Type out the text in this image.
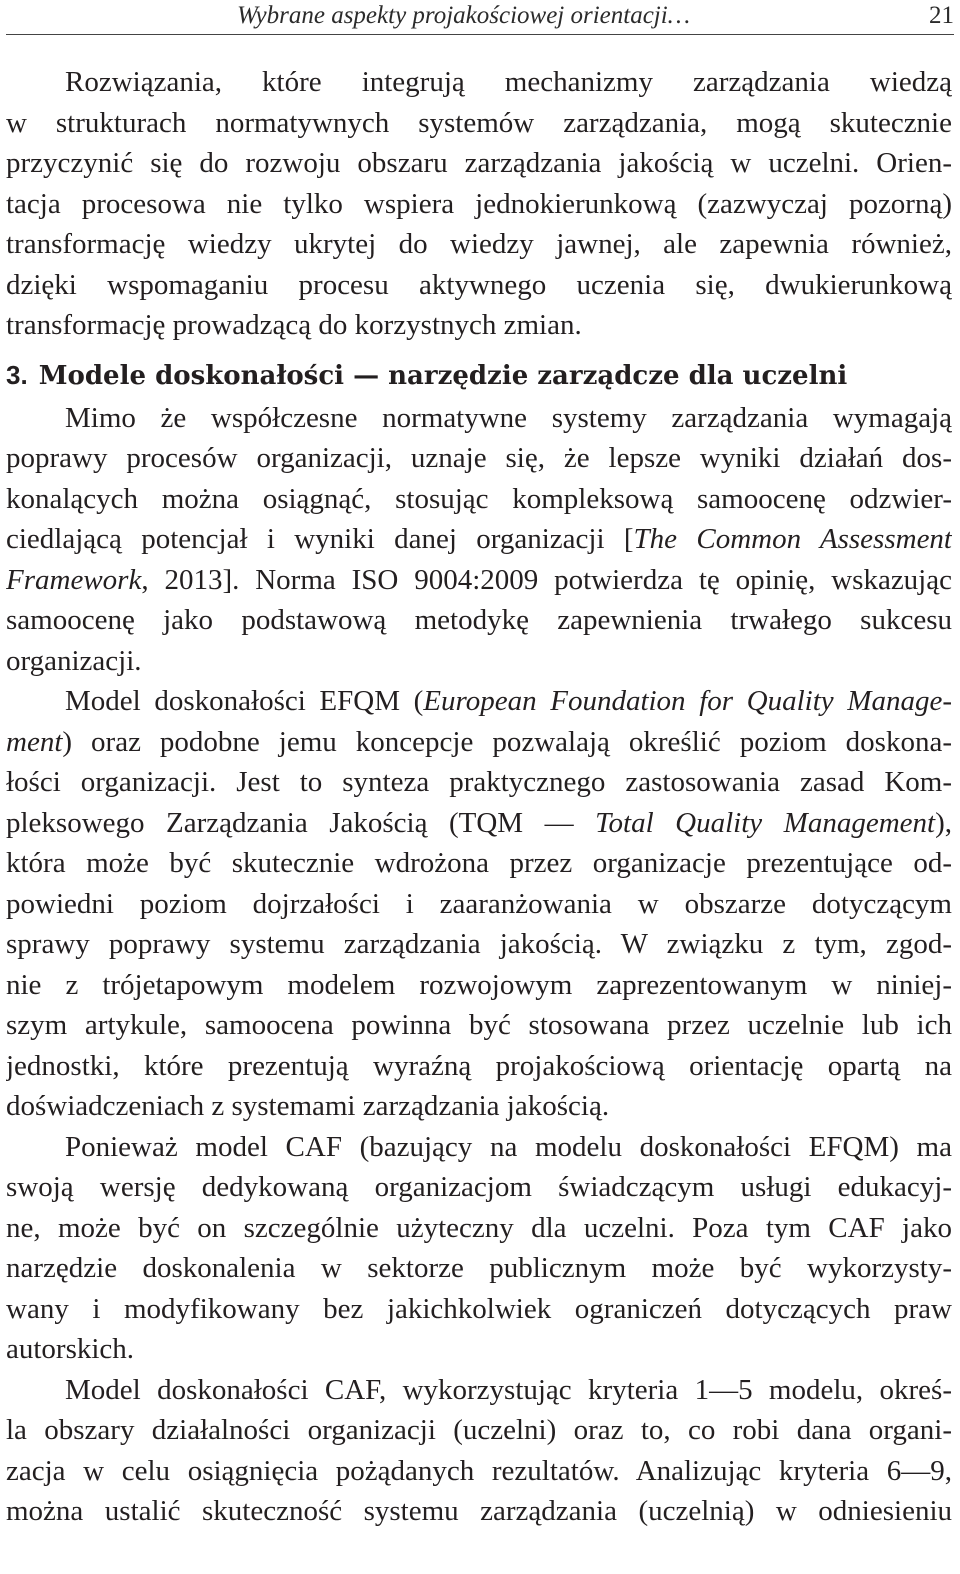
Wybrane aspekty projakościowej orientacji…	21
Rozwiązania, które integrują mechanizmy zarządzania wiedzą
w strukturach normatywnych systemów zarządzania, mogą skutecznie
przyczynić się do rozwoju obszaru zarządzania jakością w uczelni. Orien-
tacja procesowa nie tylko wspiera jednokierunkową (zazwyczaj pozorną)
transformację wiedzy ukrytej do wiedzy jawnej, ale zapewnia również,
dzięki wspomaganiu procesu aktywnego uczenia się, dwukierunkową
transformację prowadzącą do korzystnych zmian.
3. Modele doskonałości — narzędzie zarządcze dla uczelni
Mimo że współczesne normatywne systemy zarządzania wymagają
poprawy procesów organizacji, uznaje się, że lepsze wyniki działań dos-
konalących można osiągnąć, stosując kompleksową samoocenę odzwier-
ciedlającą potencjał i wyniki danej organizacji [The Common Assessment
Framework, 2013]. Norma ISO 9004:2009 potwierdza tę opinię, wskazując
samoocenę jako podstawową metodykę zapewnienia trwałego sukcesu
organizacji.
Model doskonałości EFQM (European Foundation for Quality Manage-
ment) oraz podobne jemu koncepcje pozwalają określić poziom doskona-
łości organizacji. Jest to synteza praktycznego zastosowania zasad Kom-
pleksowego Zarządzania Jakością (TQM — Total Quality Management),
która może być skutecznie wdrożona przez organizacje prezentujące od-
powiedni poziom dojrzałości i zaaranżowania w obszarze dotyczącym
sprawy poprawy systemu zarządzania jakością. W związku z tym, zgod-
nie z trójetapowym modelem rozwojowym zaprezentowanym w niniej-
szym artykule, samoocena powinna być stosowana przez uczelnie lub ich
jednostki, które prezentują wyraźną projakościową orientację opartą na
doświadczeniach z systemami zarządzania jakością.
Ponieważ model CAF (bazujący na modelu doskonałości EFQM) ma
swoją wersję dedykowaną organizacjom świadczącym usługi edukacyj-
ne, może być on szczególnie użyteczny dla uczelni. Poza tym CAF jako
narzędzie doskonalenia w sektorze publicznym może być wykorzysty-
wany i modyfikowany bez jakichkolwiek ograniczeń dotyczących praw
autorskich.
Model doskonałości CAF, wykorzystując kryteria 1—5 modelu, okreś-
la obszary działalności organizacji (uczelni) oraz to, co robi dana organi-
zacja w celu osiągnięcia pożądanych rezultatów. Analizując kryteria 6—9,
można ustalić skuteczność systemu zarządzania (uczelnią) w odniesieniu
